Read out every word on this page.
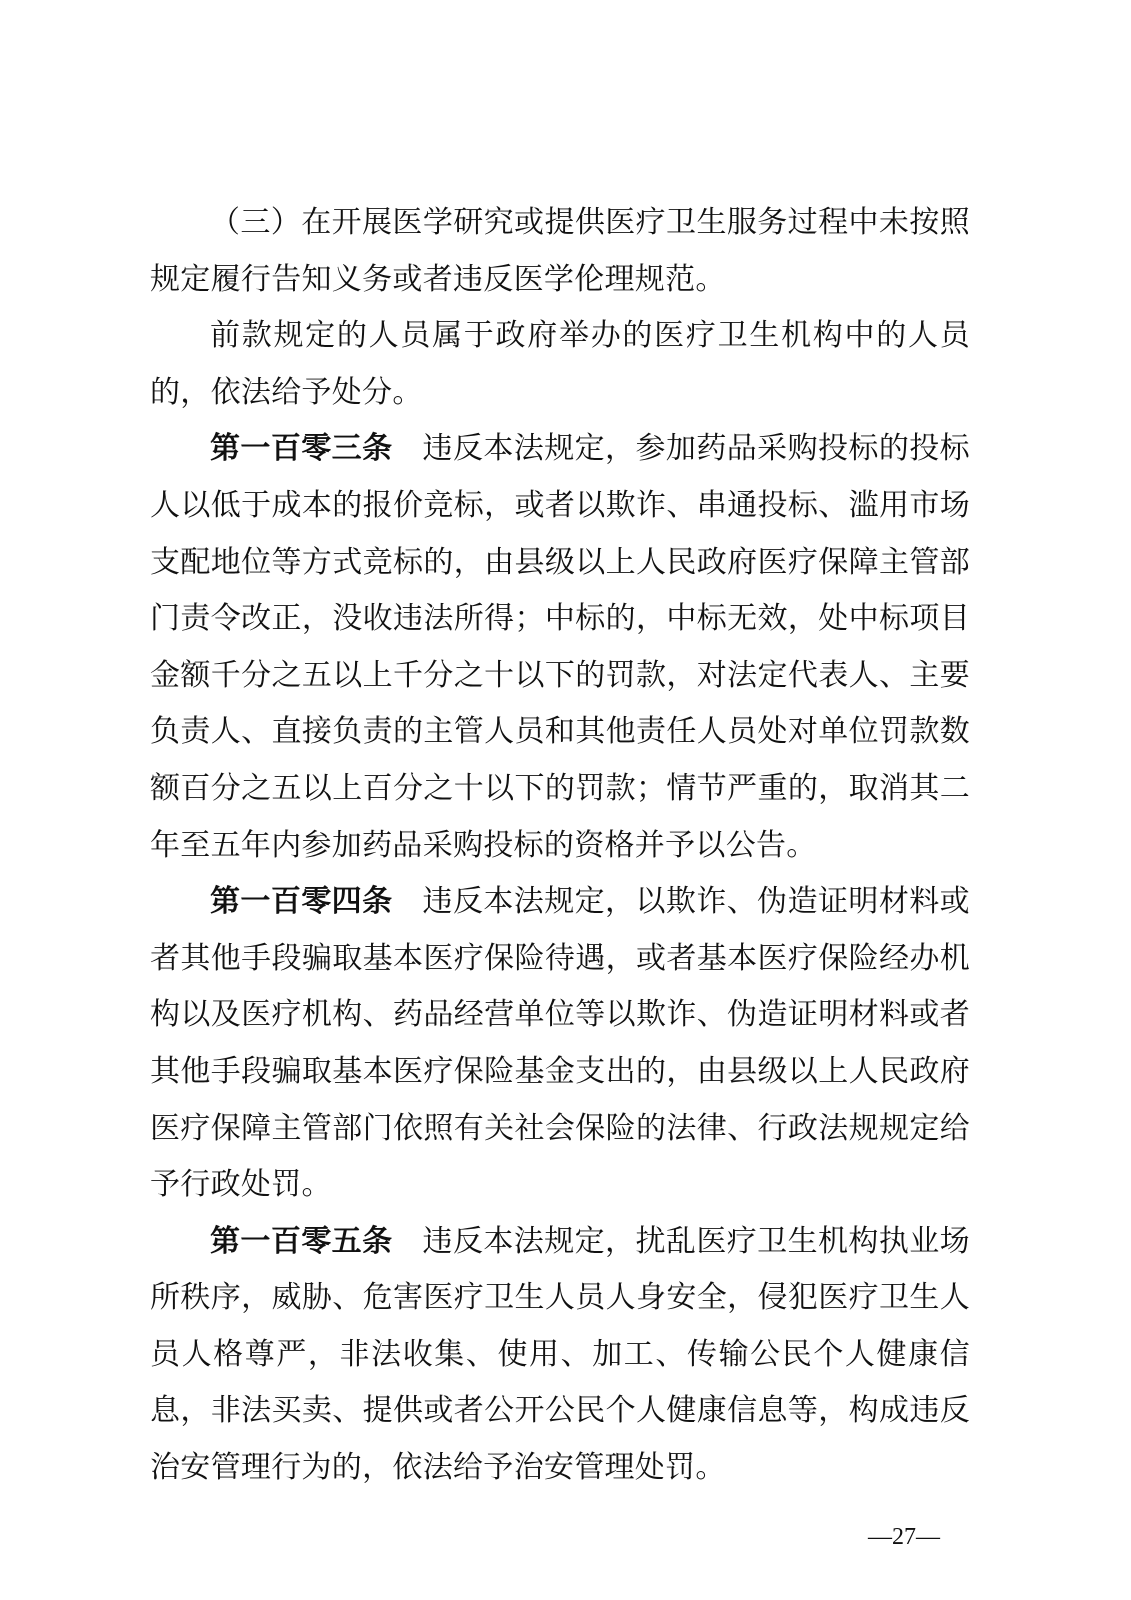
（三）在开展医学研究或提供医疗卫生服务过程中未按照规定履行告知义务或者违反医学伦理规范。

前款规定的人员属于政府举办的医疗卫生机构中的人员的，依法给予处分。

第一百零三条 违反本法规定，参加药品采购投标的投标人以低于成本的报价竞标，或者以欺诈、串通投标、滥用市场支配地位等方式竞标的，由县级以上人民政府医疗保障主管部门责令改正，没收违法所得；中标的，中标无效，处中标项目金额千分之五以上千分之十以下的罚款，对法定代表人、主要负责人、直接负责的主管人员和其他责任人员处对单位罚款数额百分之五以上百分之十以下的罚款；情节严重的，取消其二年至五年内参加药品采购投标的资格并予以公告。

第一百零四条 违反本法规定，以欺诈、伪造证明材料或者其他手段骗取基本医疗保险待遇，或者基本医疗保险经办机构以及医疗机构、药品经营单位等以欺诈、伪造证明材料或者其他手段骗取基本医疗保险基金支出的，由县级以上人民政府医疗保障主管部门依照有关社会保险的法律、行政法规规定给予行政处罚。

第一百零五条 违反本法规定，扰乱医疗卫生机构执业场所秩序，威胁、危害医疗卫生人员人身安全，侵犯医疗卫生人员人格尊严，非法收集、使用、加工、传输公民个人健康信息，非法买卖、提供或者公开公民个人健康信息等，构成违反治安管理行为的，依法给予治安管理处罚。

—27—
